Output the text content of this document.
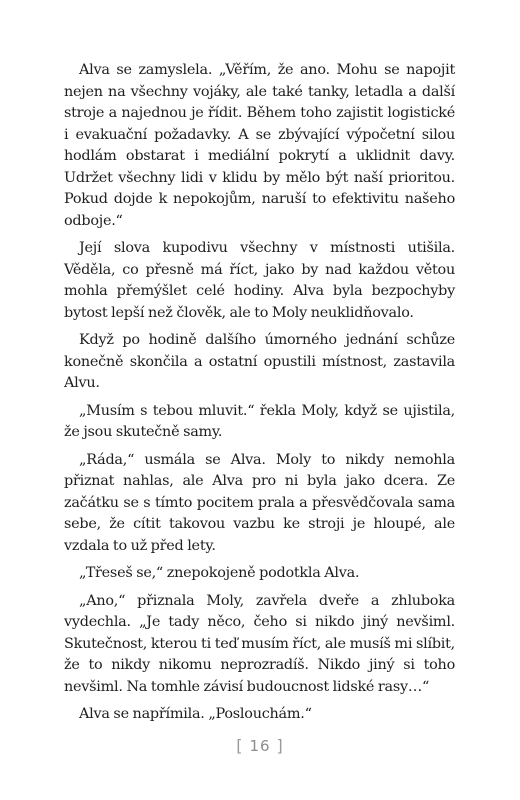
Alva se zamyslela. „Věřím, že ano. Mohu se napojit nejen na všechny vojáky, ale také tanky, letadla a další stroje a najednou je řídit. Během toho zajistit logistické i evakuační požadavky. A se zbývající výpočetní silou hodlám obstarat i mediální pokrytí a uklidnit davy. Udržet všechny lidi v klidu by mělo být naší prioritou. Pokud dojde k nepokojům, naruší to efektivitu našeho odboje.“

Její slova kupodivu všechny v místnosti utišila. Věděla, co přesně má říct, jako by nad každou větou mohla přemýšlet celé hodiny. Alva byla bezpochyby bytost lepší než člověk, ale to Moly neuklidňovalo.

Když po hodině dalšího úmorného jednání schůze konečně skončila a ostatní opustili místnost, zastavila Alvu.

„Musím s tebou mluvit.“ řekla Moly, když se ujistila, že jsou skutečně samy.

„Ráda,“ usmála se Alva. Moly to nikdy nemohla přiznat nahlas, ale Alva pro ni byla jako dcera. Ze začátku se s tímto pocitem prala a přesvědčovala sama sebe, že cítit takovou vazbu ke stroji je hloupé, ale vzdala to už před lety.

„Třeseš se,“ znepokojeně podotkla Alva.

„Ano,“ přiznala Moly, zavřela dveře a zhluboka vydechla. „Je tady něco, čeho si nikdo jiný nevšiml. Skutečnost, kterou ti teď musím říct, ale musíš mi slíbit, že to nikdy nikomu neprozradíš. Nikdo jiný si toho nevšiml. Na tomhle závisí budoucnost lidské rasy…“

Alva se napřímila. „Poslouchám.“

[ 16 ]
